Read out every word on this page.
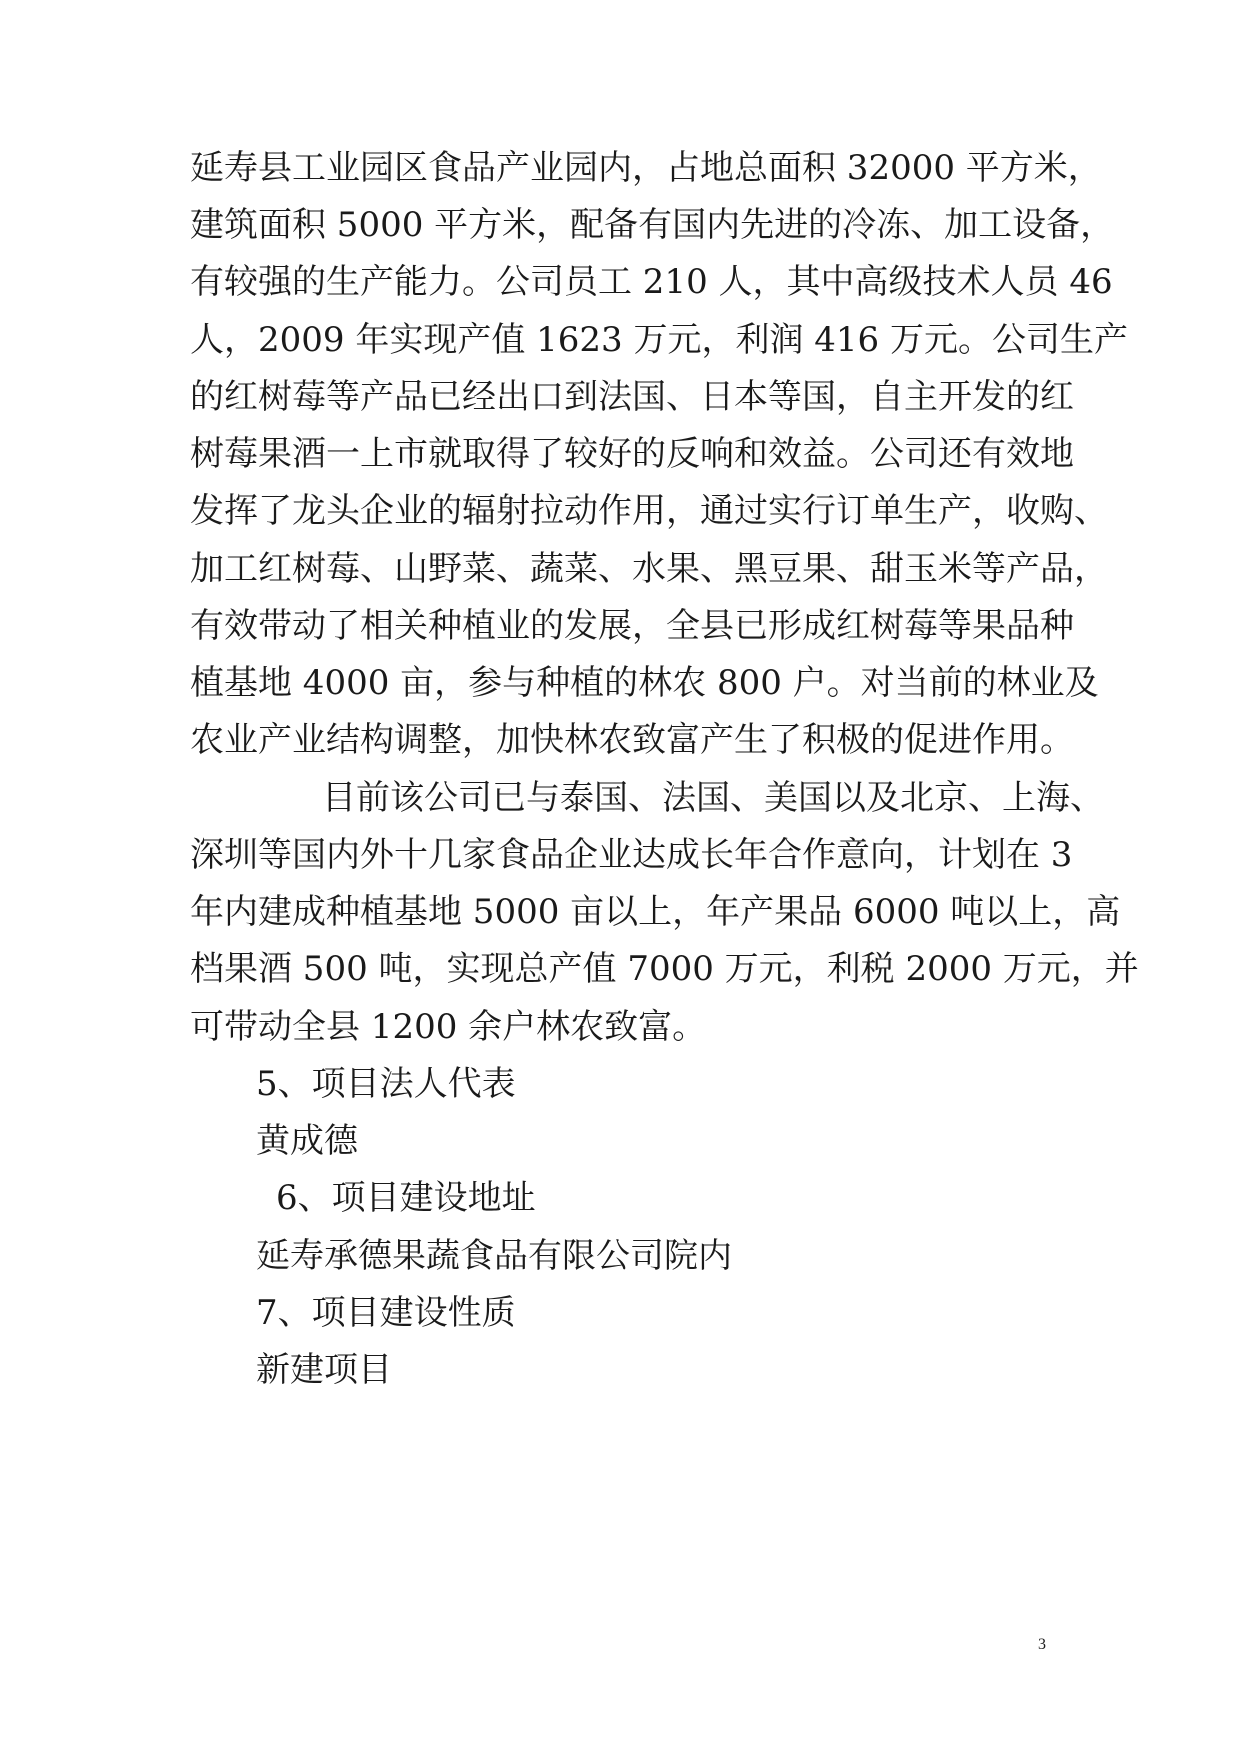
延寿县工业园区食品产业园内，占地总面积 32000 平方米，
建筑面积 5000 平方米，配备有国内先进的冷冻、加工设备，
有较强的生产能力。公司员工 210 人，其中高级技术人员 46
人，2009 年实现产值 1623 万元，利润 416 万元。公司生产
的红树莓等产品已经出口到法国、日本等国，自主开发的红
树莓果酒一上市就取得了较好的反响和效益。公司还有效地
发挥了龙头企业的辐射拉动作用，通过实行订单生产，收购、
加工红树莓、山野菜、蔬菜、水果、黑豆果、甜玉米等产品，
有效带动了相关种植业的发展，全县已形成红树莓等果品种
植基地 4000 亩，参与种植的林农 800 户。对当前的林业及
农业产业结构调整，加快林农致富产生了积极的促进作用。
目前该公司已与泰国、法国、美国以及北京、上海、
深圳等国内外十几家食品企业达成长年合作意向，计划在 3
年内建成种植基地 5000 亩以上，年产果品 6000 吨以上，高
档果酒 500 吨，实现总产值 7000 万元，利税 2000 万元，并
可带动全县 1200 余户林农致富。
5、项目法人代表
黄成德
6、项目建设地址
延寿承德果蔬食品有限公司院内
7、项目建设性质
新建项目
3
